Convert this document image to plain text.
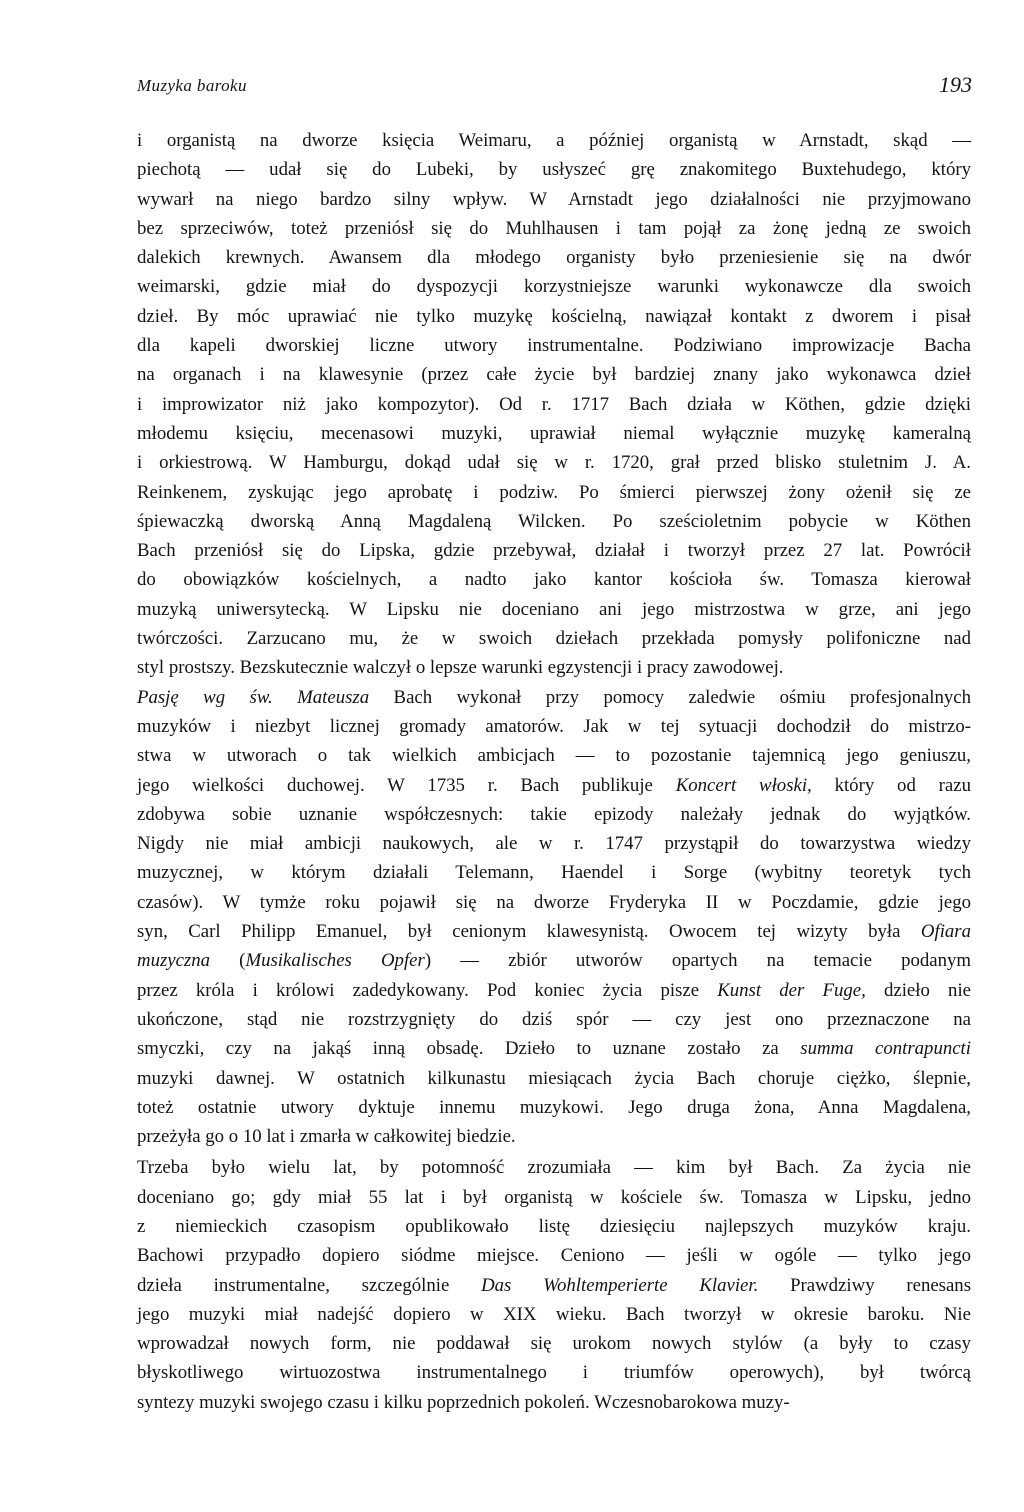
Muzyka baroku	193
i organistą na dworze księcia Weimaru, a później organistą w Arnstadt, skąd —
piechotą — udał się do Lubeki, by usłyszeć grę znakomitego Buxtehudego, który
wywarł na niego bardzo silny wpływ. W Arnstadt jego działalności nie przyjmowano
bez sprzeciwów, toteż przeniósł się do Muhlhausen i tam pojął za żonę jedną ze swoich
dalekich krewnych. Awansem dla młodego organisty było przeniesienie się na dwór
weimarski, gdzie miał do dyspozycji korzystniejsze warunki wykonawcze dla swoich
dzieł. By móc uprawiać nie tylko muzykę kościelną, nawiązał kontakt z dworem i pisał
dla kapeli dworskiej liczne utwory instrumentalne. Podziwiano improwizacje Bacha
na organach i na klawesynie (przez całe życie był bardziej znany jako wykonawca dzieł
i improwizator niż jako kompozytor). Od r. 1717 Bach działa w Köthen, gdzie dzięki
młodemu księciu, mecenasowi muzyki, uprawiał niemal wyłącznie muzykę kameralną
i orkiestrową. W Hamburgu, dokąd udał się w r. 1720, grał przed blisko stuletnim J. A.
Reinkenem, zyskując jego aprobatę i podziw. Po śmierci pierwszej żony ożenił się ze
śpiewaczką dworską Anną Magdaleną Wilcken. Po sześcioletnim pobycie w Köthen
Bach przeniósł się do Lipska, gdzie przebywał, działał i tworzył przez 27 lat. Powrócił
do obowiązków kościelnych, a nadto jako kantor kościoła św. Tomasza kierował
muzyką uniwersytecką. W Lipsku nie doceniano ani jego mistrzostwa w grze, ani jego
twórczości. Zarzucano mu, że w swoich dziełach przekłada pomysły polifoniczne nad
styl prostszy. Bezskutecznie walczył o lepsze warunki egzystencji i pracy zawodowej.
Pasję wg św. Mateusza Bach wykonał przy pomocy zaledwie ośmiu profesjonalnych
muzyków i niezbyt licznej gromady amatorów. Jak w tej sytuacji dochodził do mistrzo-
stwa w utworach o tak wielkich ambicjach — to pozostanie tajemnicą jego geniuszu,
jego wielkości duchowej. W 1735 r. Bach publikuje Koncert włoski, który od razu
zdobywa sobie uznanie współczesnych: takie epizody należały jednak do wyjątków.
Nigdy nie miał ambicji naukowych, ale w r. 1747 przystąpił do towarzystwa wiedzy
muzycznej, w którym działali Telemann, Haendel i Sorge (wybitny teoretyk tych
czasów). W tymże roku pojawił się na dworze Fryderyka II w Poczdamie, gdzie jego
syn, Carl Philipp Emanuel, był cenionym klawesynistą. Owocem tej wizyty była Ofiara
muzyczna (Musikalisches Opfer) — zbiór utworów opartych na temacie podanym
przez króla i królowi zadedykowany. Pod koniec życia pisze Kunst der Fuge, dzieło nie
ukończone, stąd nie rozstrzygnięty do dziś spór — czy jest ono przeznaczone na
smyczki, czy na jakąś inną obsadę. Dzieło to uznane zostało za summa contrapuncti
muzyki dawnej. W ostatnich kilkunastu miesiącach życia Bach choruje ciężko, ślepnie,
toteż ostatnie utwory dyktuje innemu muzykowi. Jego druga żona, Anna Magdalena,
przeżyła go o 10 lat i zmarła w całkowitej biedzie.
Trzeba było wielu lat, by potomność zrozumiała — kim był Bach. Za życia nie
doceniano go; gdy miał 55 lat i był organistą w kościele św. Tomasza w Lipsku, jedno
z niemieckich czasopism opublikowało listę dziesięciu najlepszych muzyków kraju.
Bachowi przypadło dopiero siódme miejsce. Ceniono — jeśli w ogóle — tylko jego
dzieła instrumentalne, szczególnie Das Wohltemperierte Klavier. Prawdziwy renesans
jego muzyki miał nadejść dopiero w XIX wieku. Bach tworzył w okresie baroku. Nie
wprowadzał nowych form, nie poddawał się urokom nowych stylów (a były to czasy
błyskotliwego wirtuozostwa instrumentalnego i triumfów operowych), był twórcą
syntezy muzyki swojego czasu i kilku poprzednich pokoleń. Wczesnobarokowa muzy-
